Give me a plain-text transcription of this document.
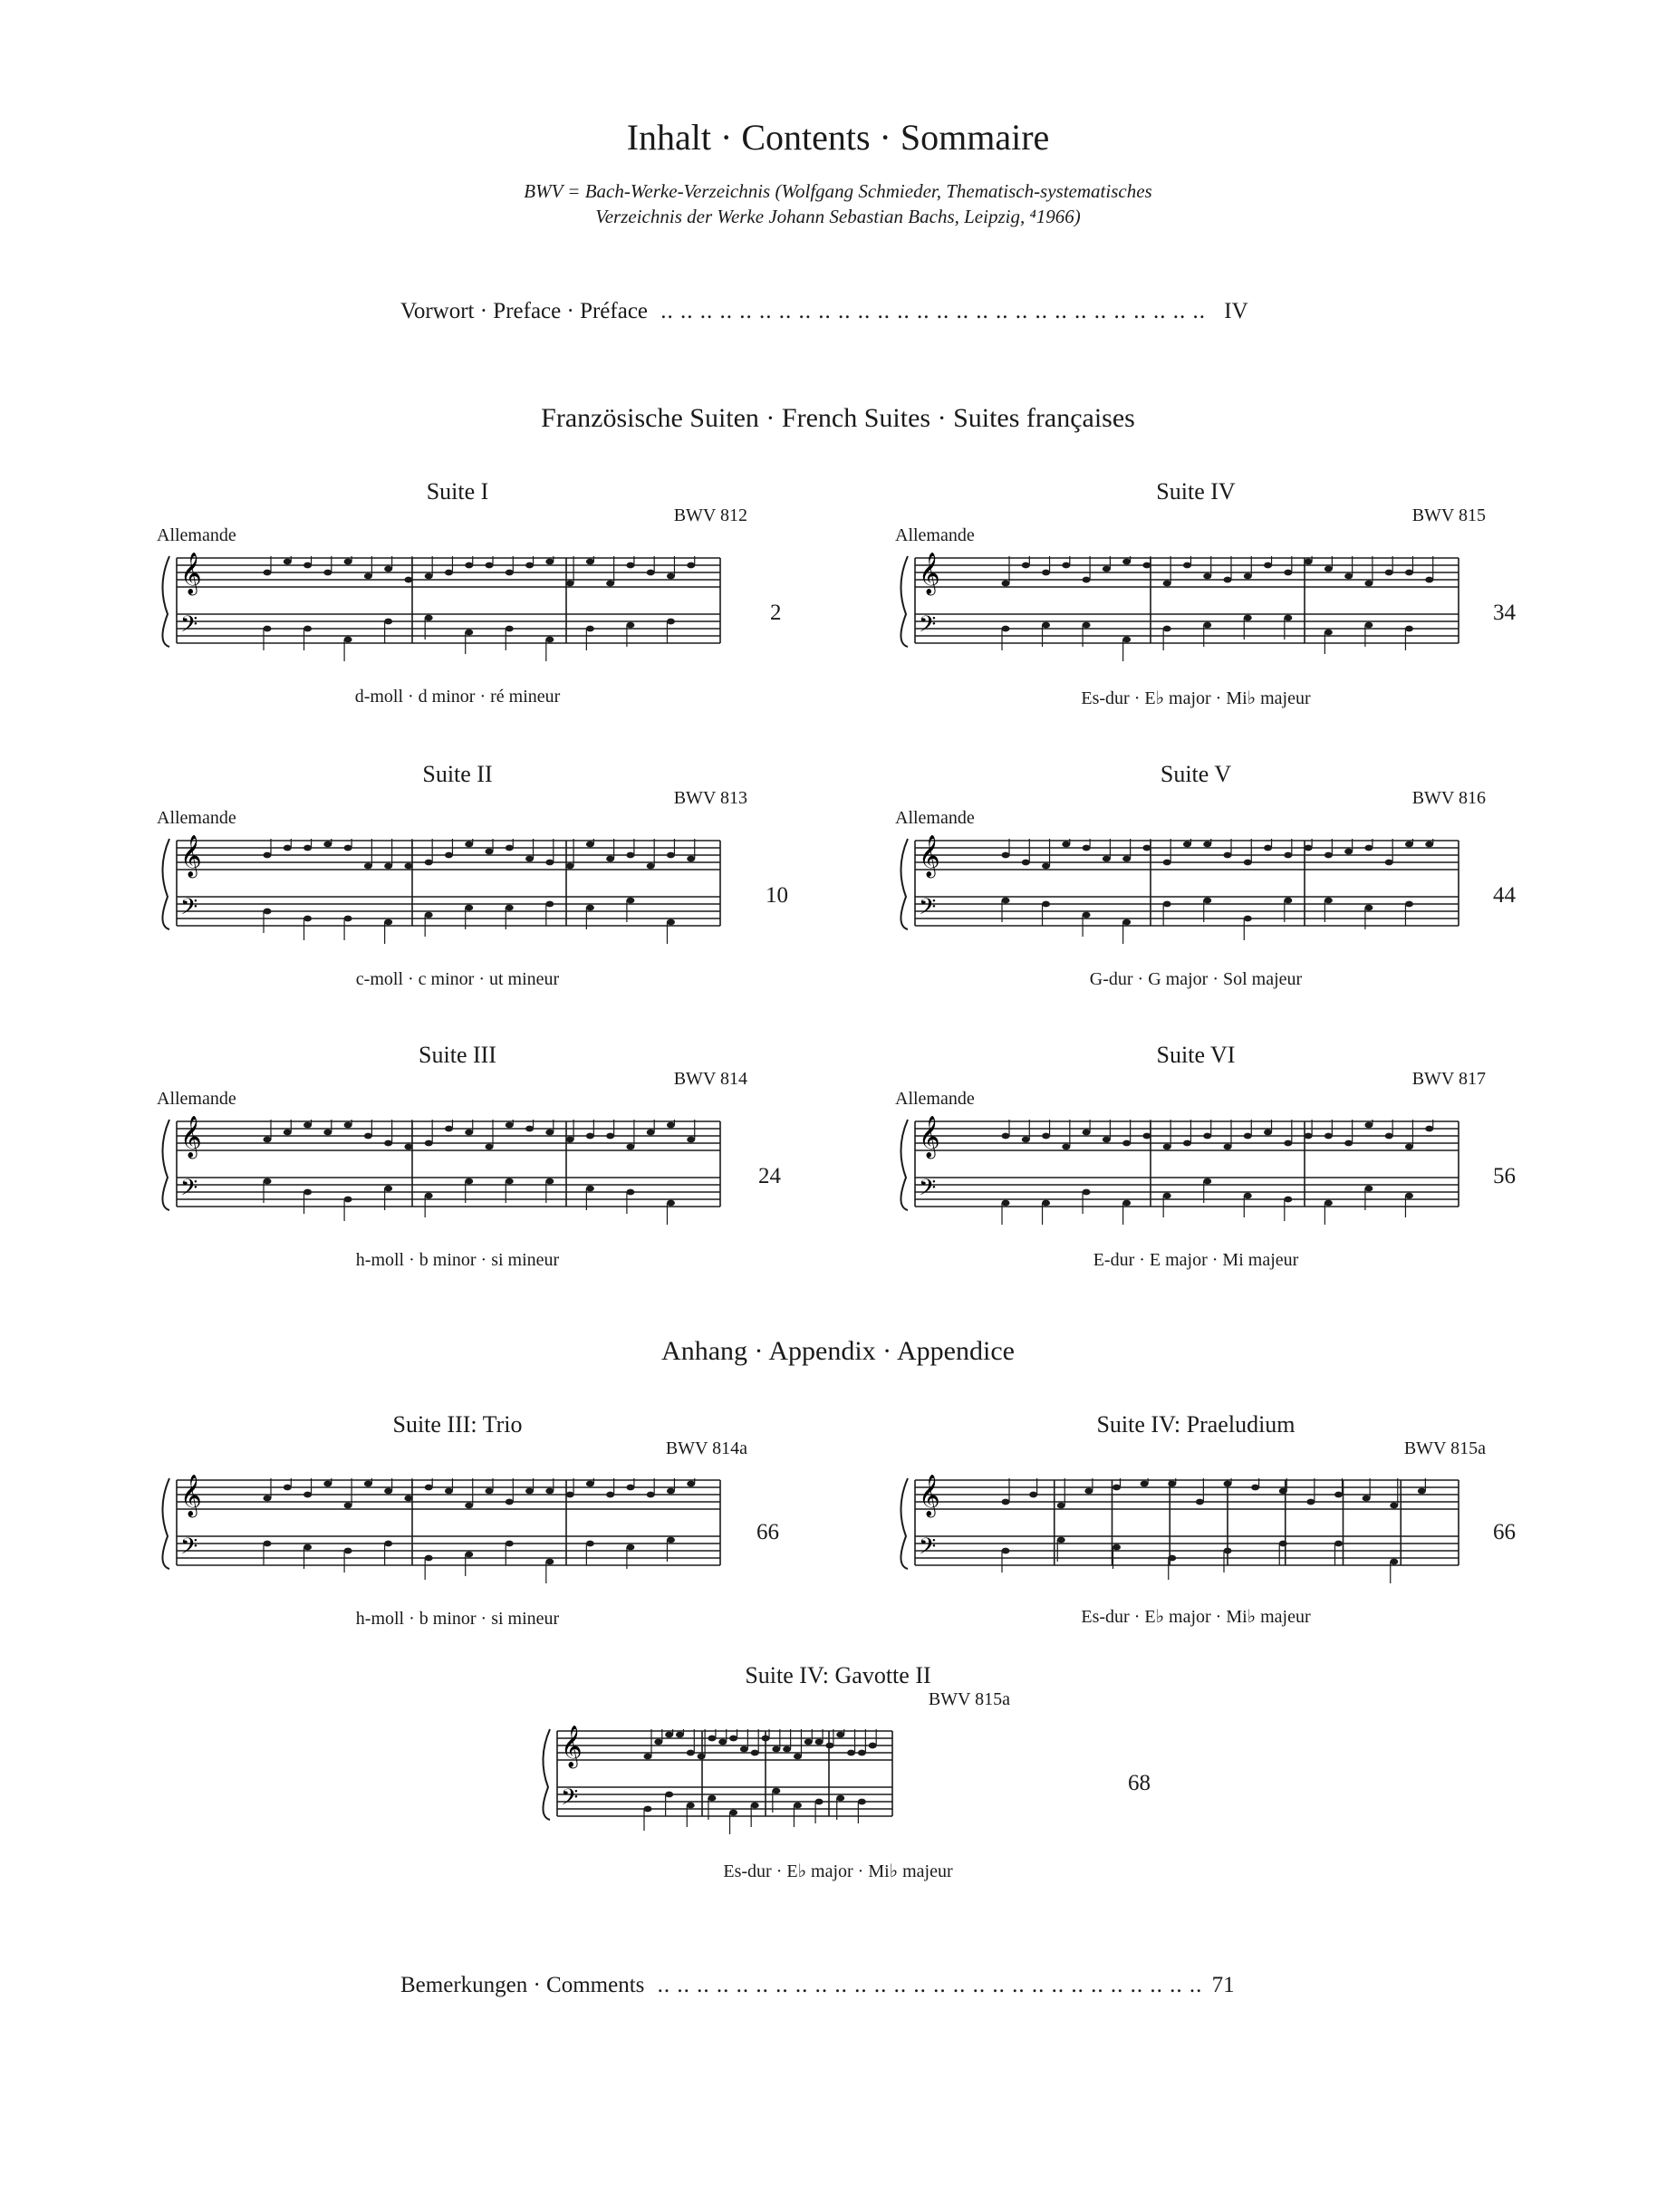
Inhalt · Contents · Sommaire
BWV = Bach-Werke-Verzeichnis (Wolfgang Schmieder, Thematisch-systematisches
Verzeichnis der Werke Johann Sebastian Bachs, Leipzig, ⁴1966)
Vorwort · Preface · Préface .. .. .. .. .. .. .. .. .. .. .. .. .. .. .. .. .. .. .. .. .. .. .. .. .. .. .. .. IV
Französische Suiten · French Suites · Suites françaises
Suite I
BWV 812
Allemande
𝄞
𝄢	2
d-moll · d minor · ré mineur
Suite IV
BWV 815
Allemande
𝄞
𝄢	34
Es-dur · E♭ major · Mi♭ majeur
Suite II
BWV 813
Allemande
𝄞
𝄢	10
c-moll · c minor · ut mineur
Suite V
BWV 816
Allemande
𝄞
𝄢	44
G-dur · G major · Sol majeur
Suite III
BWV 814
Allemande
𝄞
𝄢	24
h-moll · b minor · si mineur
Suite VI
BWV 817
Allemande
𝄞
𝄢	56
E-dur · E major · Mi majeur
Anhang · Appendix · Appendice
Suite III: Trio
BWV 814a
𝄞
𝄢
66
h-moll · b minor · si mineur
Suite IV: Praeludium
BWV 815a
𝄞
𝄢
66
Es-dur · E♭ major · Mi♭ majeur
Suite IV: Gavotte II
BWV 815a
𝄞
𝄢
68
Es-dur · E♭ major · Mi♭ majeur
Bemerkungen · Comments .. .. .. .. .. .. .. .. .. .. .. .. .. .. .. .. .. .. .. .. .. .. .. .. .. .. .. .. 71
